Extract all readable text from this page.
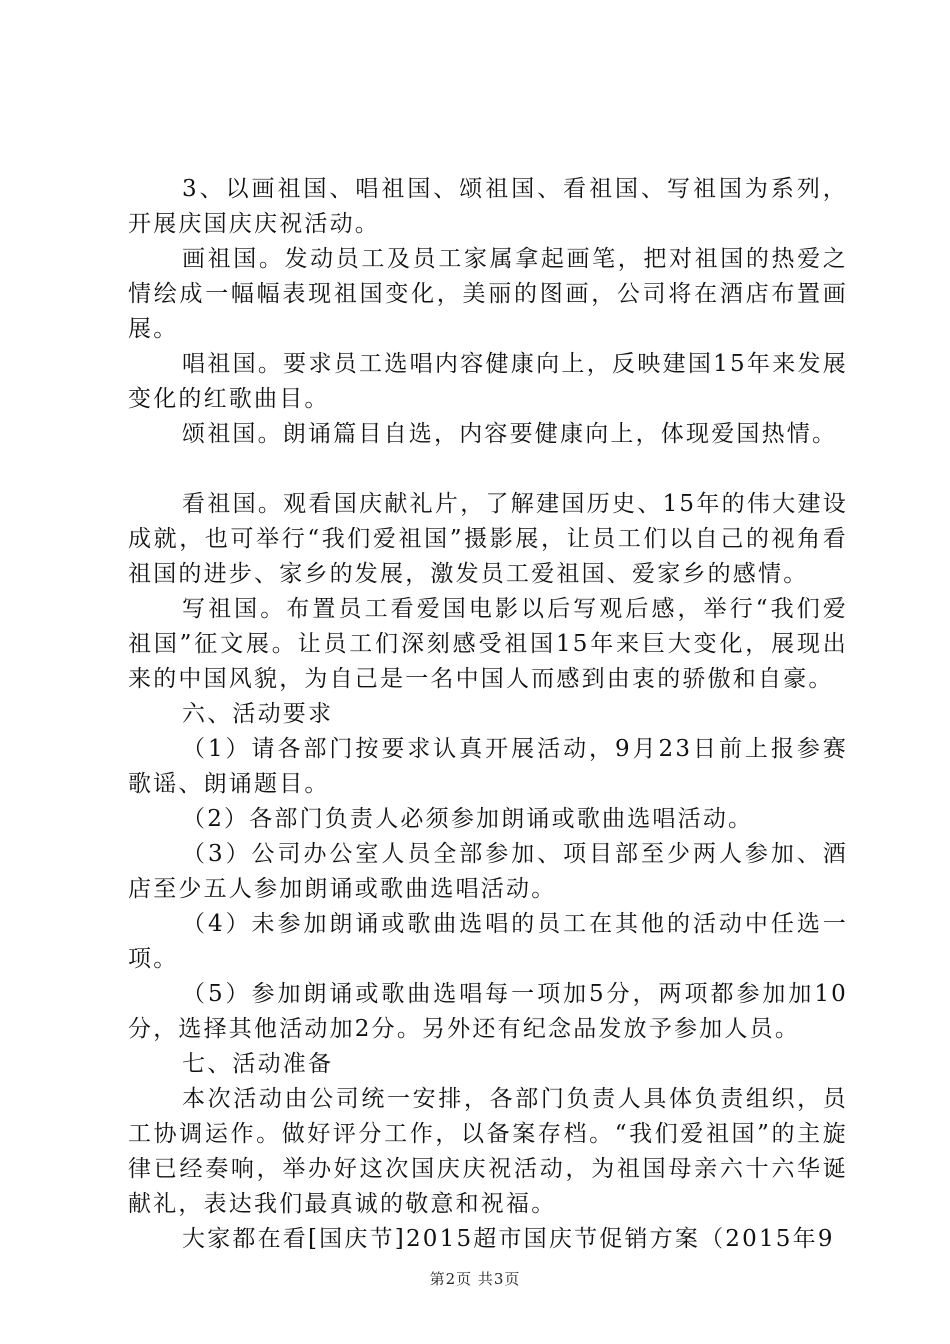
3、以画祖国、唱祖国、颂祖国、看祖国、写祖国为系列，开展庆国庆庆祝活动。

画祖国。发动员工及员工家属拿起画笔，把对祖国的热爱之情绘成一幅幅表现祖国变化，美丽的图画，公司将在酒店布置画展。

唱祖国。要求员工选唱内容健康向上，反映建国15年来发展变化的红歌曲目。

颂祖国。朗诵篇目自选，内容要健康向上，体现爱国热情。

看祖国。观看国庆献礼片，了解建国历史、15年的伟大建设成就，也可举行“我们爱祖国”摄影展，让员工们以自己的视角看祖国的进步、家乡的发展，激发员工爱祖国、爱家乡的感情。

写祖国。布置员工看爱国电影以后写观后感，举行“我们爱祖国”征文展。让员工们深刻感受祖国15年来巨大变化，展现出来的中国风貌，为自己是一名中国人而感到由衷的骄傲和自豪。

六、活动要求

（1）请各部门按要求认真开展活动，9月23日前上报参赛歌谣、朗诵题目。

（2）各部门负责人必须参加朗诵或歌曲选唱活动。

（3）公司办公室人员全部参加、项目部至少两人参加、酒店至少五人参加朗诵或歌曲选唱活动。

（4）未参加朗诵或歌曲选唱的员工在其他的活动中任选一项。

（5）参加朗诵或歌曲选唱每一项加5分，两项都参加加10分，选择其他活动加2分。另外还有纪念品发放予参加人员。

七、活动准备

本次活动由公司统一安排，各部门负责人具体负责组织，员工协调运作。做好评分工作，以备案存档。“我们爱祖国”的主旋律已经奏响，举办好这次国庆庆祝活动，为祖国母亲六十六华诞献礼，表达我们最真诚的敬意和祝福。

大家都在看[国庆节]2015超市国庆节促销方案（2015年9

第2页 共3页
